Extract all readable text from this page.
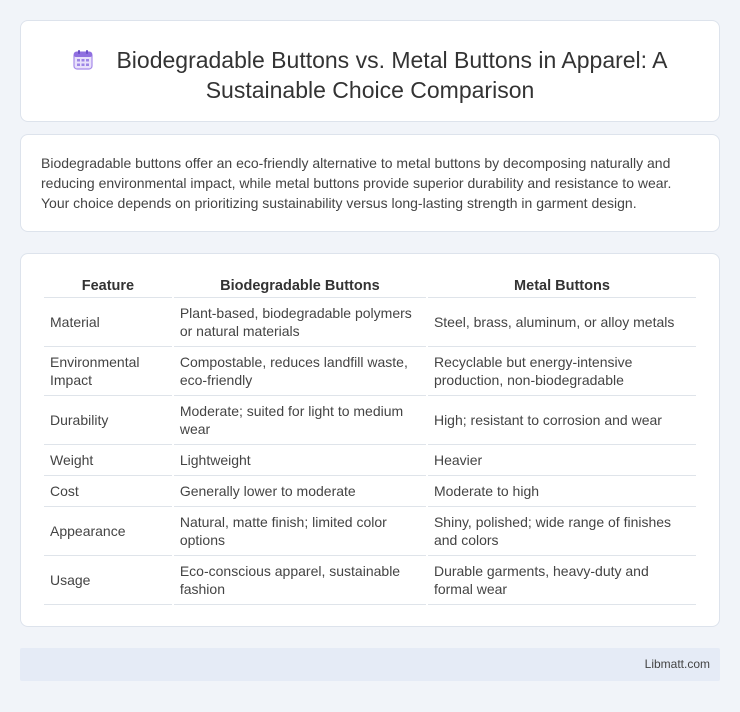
Biodegradable Buttons vs. Metal Buttons in Apparel: A
Sustainable Choice Comparison

Biodegradable buttons offer an eco-friendly alternative to metal buttons by decomposing naturally and reducing environmental impact, while metal buttons provide superior durability and resistance to wear. Your choice depends on prioritizing sustainability versus long-lasting strength in garment design.

Feature	Biodegradable Buttons	Metal Buttons
Material	Plant-based, biodegradable polymers or natural materials	Steel, brass, aluminum, or alloy metals
Environmental Impact	Compostable, reduces landfill waste, eco-friendly	Recyclable but energy-intensive production, non-biodegradable
Durability	Moderate; suited for light to medium wear	High; resistant to corrosion and wear
Weight	Lightweight	Heavier
Cost	Generally lower to moderate	Moderate to high
Appearance	Natural, matte finish; limited color options	Shiny, polished; wide range of finishes and colors
Usage	Eco-conscious apparel, sustainable fashion	Durable garments, heavy-duty and formal wear
Libmatt.com
